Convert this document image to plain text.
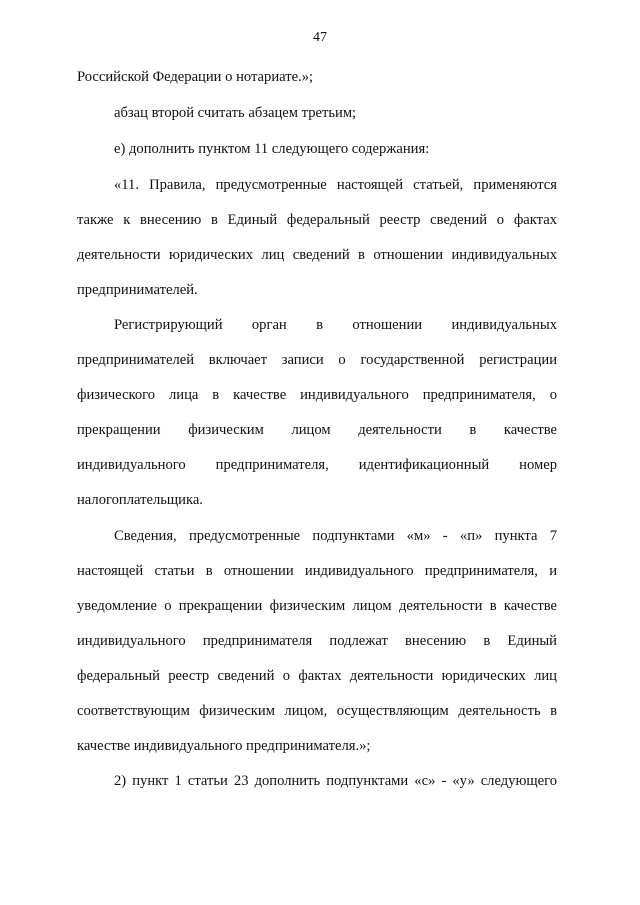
47
Российской Федерации о нотариате.»;
абзац второй считать абзацем третьим;
е) дополнить пунктом 11 следующего содержания:
«11. Правила, предусмотренные настоящей статьей, применяются
также к внесению в Единый федеральный реестр сведений о фактах
деятельности юридических лиц сведений в отношении индивидуальных
предпринимателей.
Регистрирующий орган в отношении индивидуальных
предпринимателей включает записи о государственной регистрации
физического лица в качестве индивидуального предпринимателя, о
прекращении физическим лицом деятельности в качестве
индивидуального предпринимателя, идентификационный номер
налогоплательщика.
Сведения, предусмотренные подпунктами «м» - «п» пункта 7
настоящей статьи в отношении индивидуального предпринимателя, и
уведомление о прекращении физическим лицом деятельности в качестве
индивидуального предпринимателя подлежат внесению в Единый
федеральный реестр сведений о фактах деятельности юридических лиц
соответствующим физическим лицом, осуществляющим деятельность в
качестве индивидуального предпринимателя.»;
2) пункт 1 статьи 23 дополнить подпунктами «с» - «у» следующего
